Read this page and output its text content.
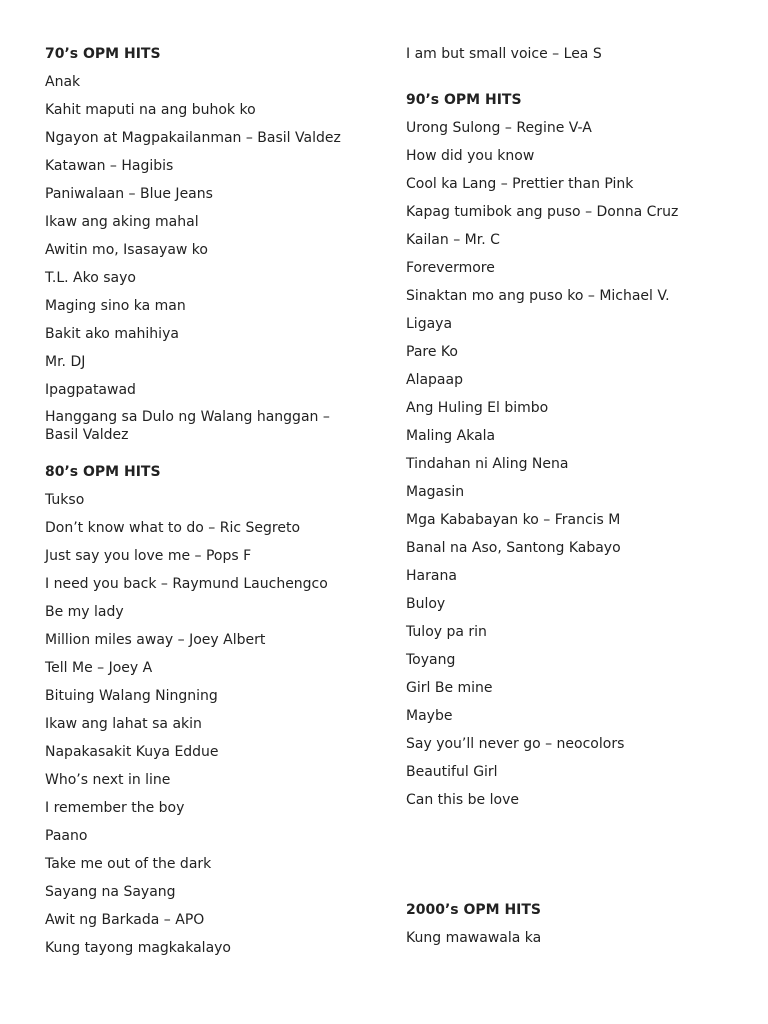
70’s OPM HITS
Anak
Kahit maputi na ang buhok ko
Ngayon at Magpakailanman – Basil Valdez
Katawan – Hagibis
Paniwalaan – Blue Jeans
Ikaw ang aking mahal
Awitin mo, Isasayaw ko
T.L. Ako sayo
Maging sino ka man
Bakit ako mahihiya
Mr. DJ
Ipagpatawad
Hanggang sa Dulo ng Walang hanggan – Basil Valdez
80’s OPM HITS
Tukso
Don’t know what to do – Ric Segreto
Just say you love me – Pops F
I need you back – Raymund Lauchengco
Be my lady
Million miles away – Joey Albert
Tell Me – Joey A
Bituing Walang Ningning
Ikaw ang lahat sa akin
Napakasakit Kuya Eddue
Who’s next in line
I remember the boy
Paano
Take me out of the dark
Sayang na Sayang
Awit ng Barkada – APO
Kung tayong magkakalayo
I am but small voice – Lea S
90’s OPM HITS
Urong Sulong – Regine V-A
How did you know
Cool ka Lang – Prettier than Pink
Kapag tumibok ang puso – Donna Cruz
Kailan – Mr. C
Forevermore
Sinaktan mo ang puso ko – Michael V.
Ligaya
Pare Ko
Alapaap
Ang Huling El bimbo
Maling Akala
Tindahan ni Aling Nena
Magasin
Mga Kababayan ko – Francis M
Banal na Aso, Santong Kabayo
Harana
Buloy
Tuloy pa rin
Toyang
Girl Be mine
Maybe
Say you’ll never go – neocolors
Beautiful Girl
Can this be love
2000’s OPM HITS
Kung mawawala ka
